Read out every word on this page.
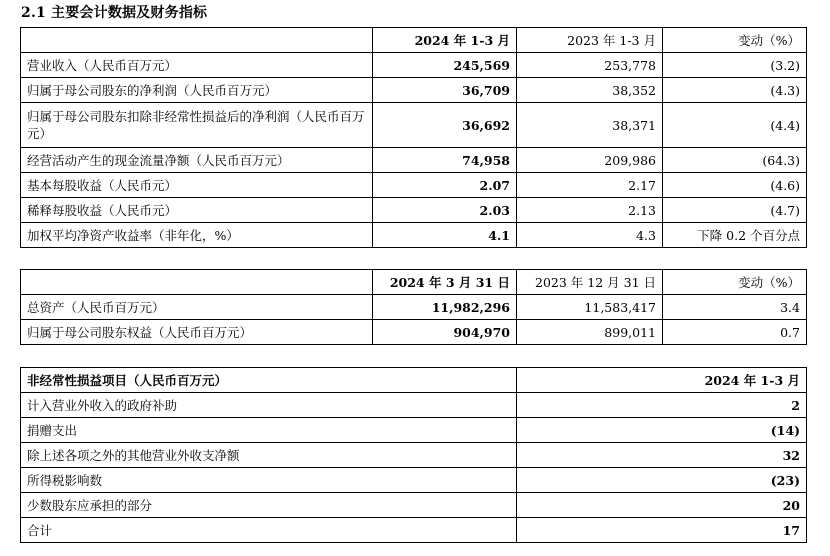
2.1 主要会计数据及财务指标
	2024 年 1-3 月	2023 年 1-3 月	变动（%）
营业收入（人民币百万元）	245,569	253,778	(3.2)
归属于母公司股东的净利润（人民币百万元）	36,709	38,352	(4.3)
归属于母公司股东扣除非经常性损益后的净利润（人民币百万元）	36,692	38,371	(4.4)
经营活动产生的现金流量净额（人民币百万元）	74,958	209,986	(64.3)
基本每股收益（人民币元）	2.07	2.17	(4.6)
稀释每股收益（人民币元）	2.03	2.13	(4.7)
加权平均净资产收益率（非年化，%）	4.1	4.3	下降 0.2 个百分点
	2024 年 3 月 31 日	2023 年 12 月 31 日	变动（%）
总资产（人民币百万元）	11,982,296	11,583,417	3.4
归属于母公司股东权益（人民币百万元）	904,970	899,011	0.7
非经常性损益项目（人民币百万元）	2024 年 1-3 月
计入营业外收入的政府补助	2
捐赠支出	(14)
除上述各项之外的其他营业外收支净额	32
所得税影响数	(23)
少数股东应承担的部分	20
合计	17
